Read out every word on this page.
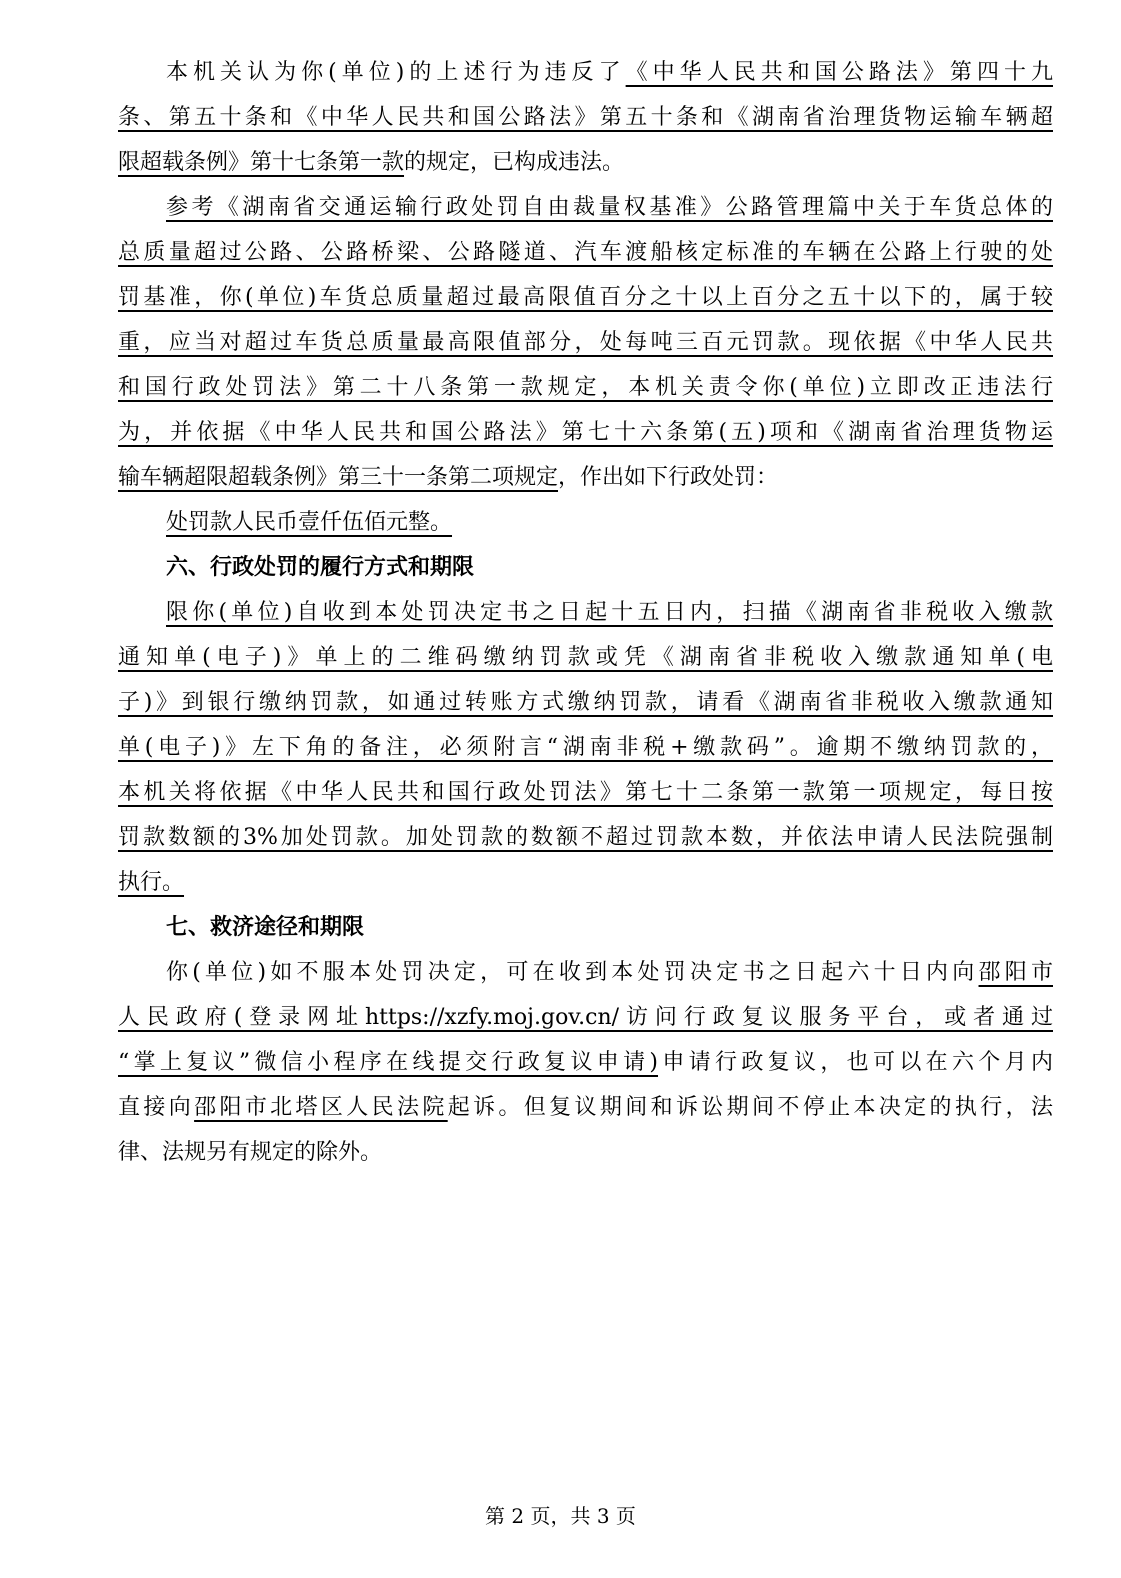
本机关认为你(单位)的上述行为违反了《中华人民共和国公路法》第四十九
条、第五十条和《中华人民共和国公路法》第五十条和《湖南省治理货物运输车辆超
限超载条例》第十七条第一款的规定，已构成违法。
参考《湖南省交通运输行政处罚自由裁量权基准》公路管理篇中关于车货总体的
总质量超过公路、公路桥梁、公路隧道、汽车渡船核定标准的车辆在公路上行驶的处
罚基准，你(单位)车货总质量超过最高限值百分之十以上百分之五十以下的，属于较
重，应当对超过车货总质量最高限值部分，处每吨三百元罚款。现依据《中华人民共
和国行政处罚法》第二十八条第一款规定，本机关责令你(单位)立即改正违法行
为，并依据《中华人民共和国公路法》第七十六条第(五)项和《湖南省治理货物运
输车辆超限超载条例》第三十一条第二项规定，作出如下行政处罚：
处罚款人民币壹仟伍佰元整。
六、行政处罚的履行方式和期限
限你(单位)自收到本处罚决定书之日起十五日内，扫描《湖南省非税收入缴款
通知单(电子)》单上的二维码缴纳罚款或凭《湖南省非税收入缴款通知单(电
子)》到银行缴纳罚款，如通过转账方式缴纳罚款，请看《湖南省非税收入缴款通知
单(电子)》左下角的备注，必须附言“湖南非税+缴款码”。逾期不缴纳罚款的，
本机关将依据《中华人民共和国行政处罚法》第七十二条第一款第一项规定，每日按
罚款数额的3%加处罚款。加处罚款的数额不超过罚款本数，并依法申请人民法院强制
执行。
七、救济途径和期限
你(单位)如不服本处罚决定，可在收到本处罚决定书之日起六十日内向邵阳市
人民政府(登录网址https://xzfy.moj.gov.cn/访问行政复议服务平台，或者通过
“掌上复议”微信小程序在线提交行政复议申请)申请行政复议，也可以在六个月内
直接向邵阳市北塔区人民法院起诉。但复议期间和诉讼期间不停止本决定的执行，法
律、法规另有规定的除外。
第 2 页，共 3 页
